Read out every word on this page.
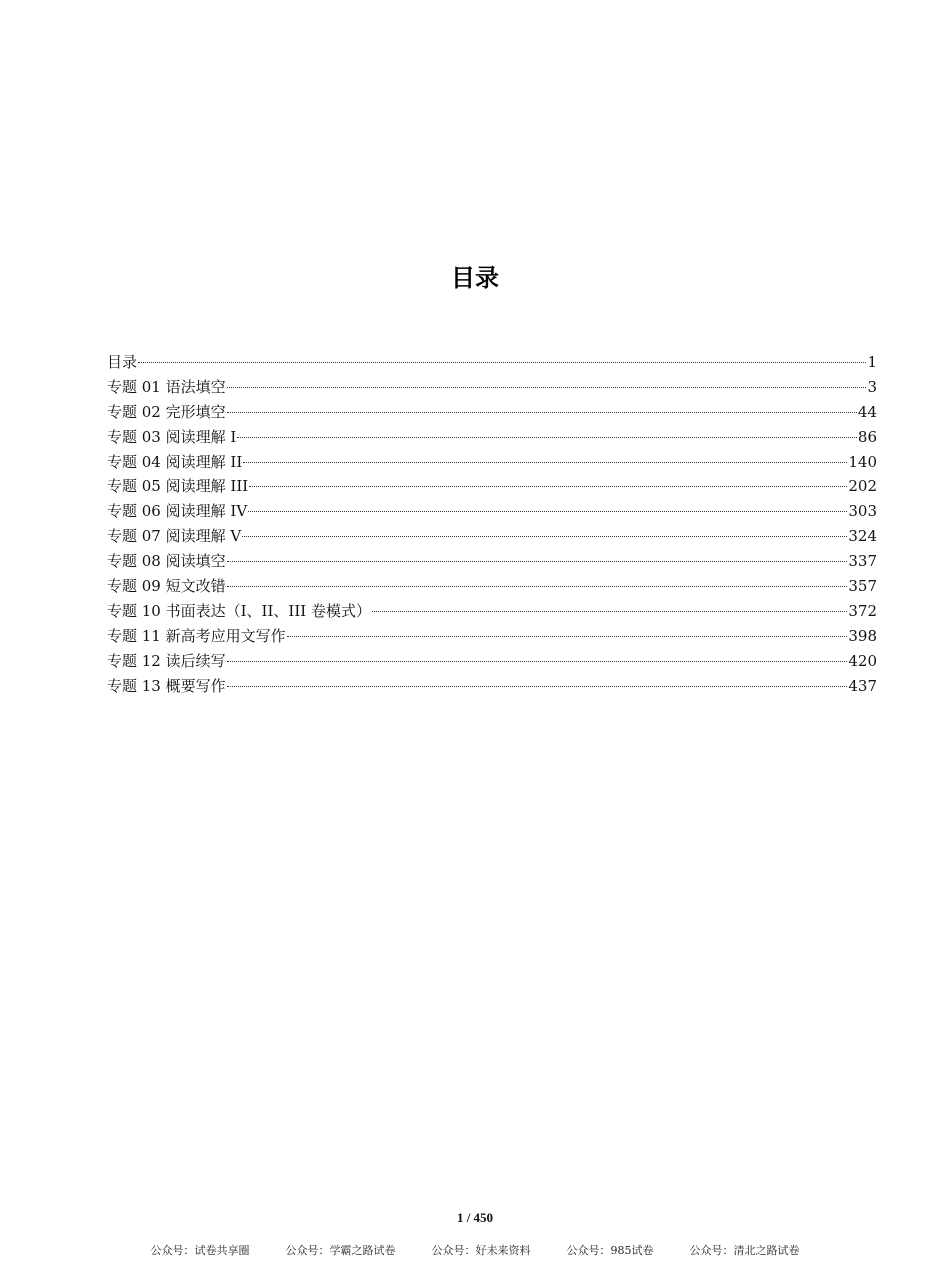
目录
目录	1
专题 01 语法填空	3
专题 02 完形填空	44
专题 03 阅读理解 I	86
专题 04 阅读理解 II	140
专题 05 阅读理解 III	202
专题 06 阅读理解 IV	303
专题 07 阅读理解 V	324
专题 08 阅读填空	337
专题 09 短文改错	357
专题 10 书面表达（I、II、III 卷模式）	372
专题 11 新高考应用文写作	398
专题 12 读后续写	420
专题 13 概要写作	437
1 / 450
公众号：试卷共享圈	公众号：学霸之路试卷	公众号：好未来资料	公众号：985试卷	公众号：清北之路试卷
